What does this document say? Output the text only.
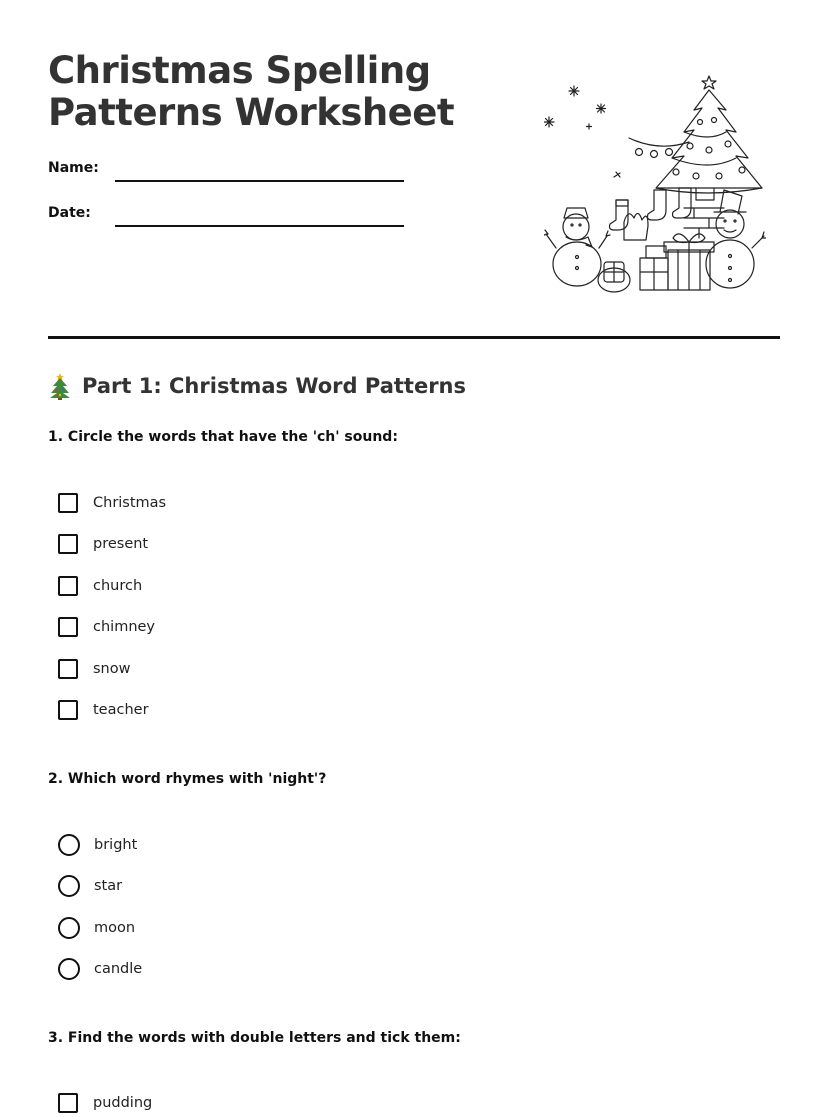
Christmas Spelling
Patterns Worksheet
Name:
Date:
Part 1: Christmas Word Patterns

1. Circle the words that have the 'ch' sound:

Christmas
present
church
chimney
snow
teacher

2. Which word rhymes with 'night'?

bright
star
moon
candle

3. Find the words with double letters and tick them:

pudding
